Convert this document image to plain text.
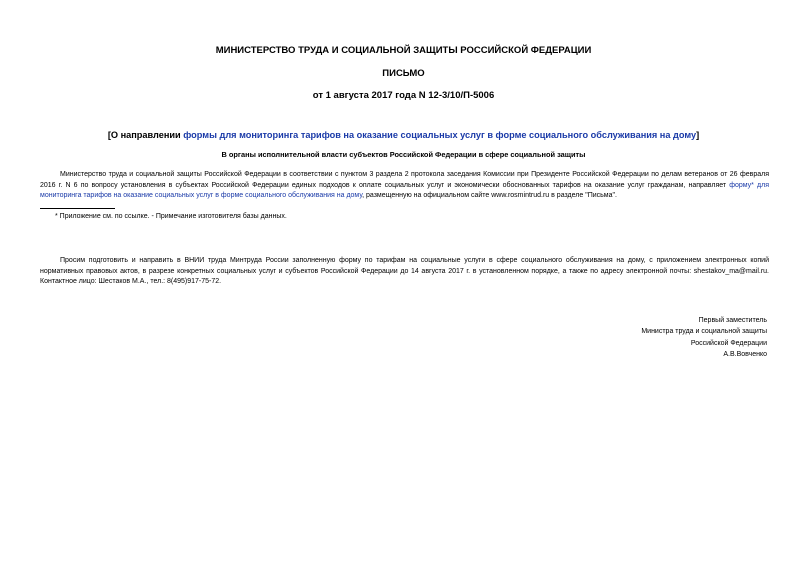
МИНИСТЕРСТВО ТРУДА И СОЦИАЛЬНОЙ ЗАЩИТЫ РОССИЙСКОЙ ФЕДЕРАЦИИ
ПИСЬМО
от 1 августа 2017 года N 12-3/10/П-5006
[О направлении формы для мониторинга тарифов на оказание социальных услуг в форме социального обслуживания на дому]
В органы исполнительной власти субъектов Российской Федерации в сфере социальной защиты
Министерство труда и социальной защиты Российской Федерации в соответствии с пунктом 3 раздела 2 протокола заседания Комиссии при Президенте Российской Федерации по делам ветеранов от 26 февраля 2016 г. N 6 по вопросу установления в субъектах Российской Федерации единых подходов к оплате социальных услуг и экономически обоснованных тарифов на оказание услуг гражданам, направляет форму* для мониторинга тарифов на оказание социальных услуг в форме социального обслуживания на дому, размещенную на официальном сайте www.rosmintrud.ru в разделе "Письма".
* Приложение см. по ссылке. - Примечание изготовителя базы данных.
Просим подготовить и направить в ВНИИ труда Минтруда России заполненную форму по тарифам на социальные услуги в сфере социального обслуживания на дому, с приложением электронных копий нормативных правовых актов, в разрезе конкретных социальных услуг и субъектов Российской Федерации до 14 августа 2017 г. в установленном порядке, а также по адресу электронной почты: shestakov_ma@mail.ru. Контактное лицо: Шестаков М.А., тел.: 8(495)917-75-72.
Первый заместитель
Министра труда и социальной защиты
Российской Федерации
А.В.Вовченко
